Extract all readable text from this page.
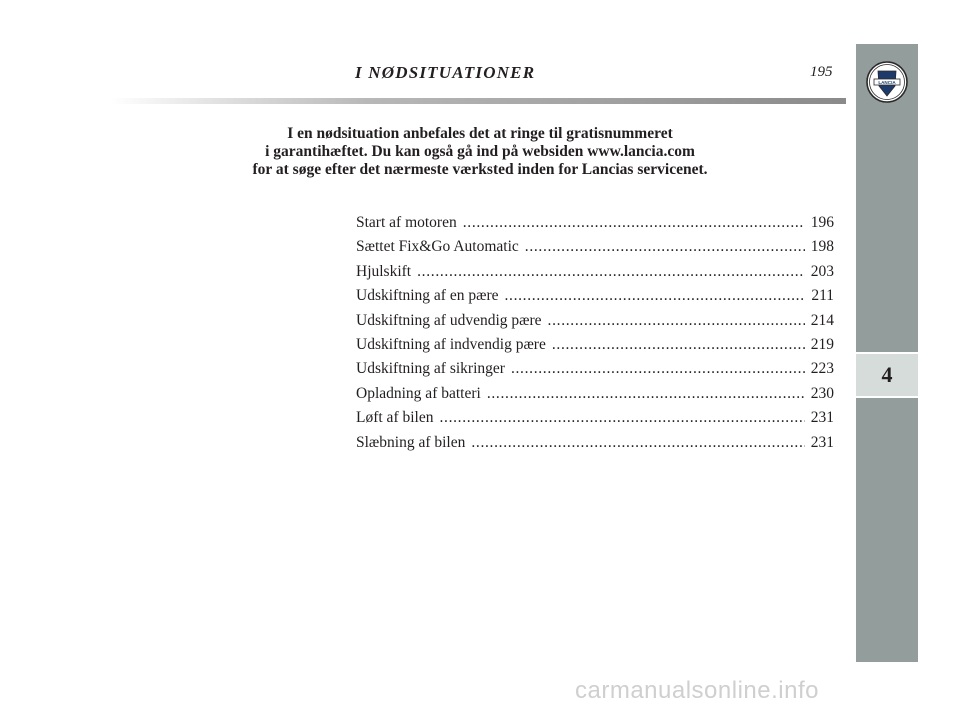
I NØDSITUATIONER	195
I en nødsituation anbefales det at ringe til gratisnummeret
i garantihæftet. Du kan også gå ind på websiden www.lancia.com
for at søge efter det nærmeste værksted inden for Lancias servicenet.
Start af motoren . . .	196
Sættet Fix&Go Automatic . . .	198
Hjulskift . . .	203
Udskiftning af en pære . . .	211
Udskiftning af udvendig pære . . .	214
Udskiftning af indvendig pære . . .	219
Udskiftning af sikringer . . .	223
Opladning af batteri . . .	230
Løft af bilen . . .	231
Slæbning af bilen . . .	231
LANCIA
4
carmanualsonline.info
